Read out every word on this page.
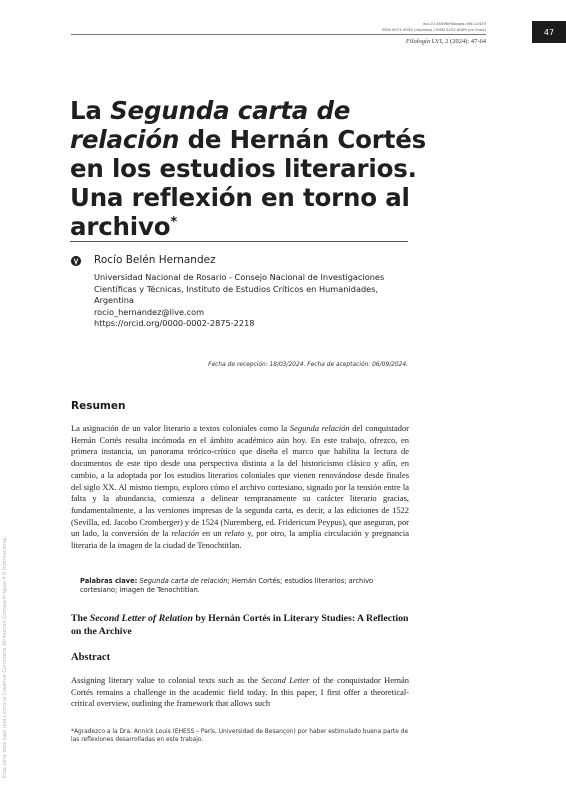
doi.10.34096/filologia.n56.14433
ISSN 0071-495X (impresa) / ISSN 2422-6009 (en línea)
Filología LVI, 2 (2024): 47-64
47
Esta obra está bajo una Licencia Creative Commons Atribución-CompartirIgual 4.0 Internacional.
La Segunda carta de relación de Hernán Cortés en los estudios literarios. Una reflexión en torno al archivo*
Rocío Belén Hernandez
Universidad Nacional de Rosario - Consejo Nacional de Investigaciones
Científicas y Técnicas, Instituto de Estudios Críticos en Humanidades,
Argentina
rocio_hernandez@live.com
https://orcid.org/0000-0002-2875-2218
Fecha de recepción: 18/03/2024. Fecha de aceptación: 06/09/2024.
Resumen

La asignación de un valor literario a textos coloniales como la Segunda relación del conquistador Hernán Cortés resulta incómoda en el ámbito académico aún hoy. En este trabajo, ofrezco, en primera instancia, un panorama teórico-crítico que diseña el marco que habilita la lectura de documentos de este tipo desde una perspectiva distinta a la del historicismo clásico y afín, en cambio, a la adoptada por los estudios literarios coloniales que vienen renovándose desde finales del siglo XX. Al mismo tiempo, exploro cómo el archivo cortesiano, signado por la tensión entre la falta y la abundancia, comienza a delinear tempranamente su carácter literario gracias, fundamentalmente, a las versiones impresas de la segunda carta, es decir, a las ediciones de 1522 (Sevilla, ed. Jacobo Cromberger) y de 1524 (Nuremberg, ed. Fridericum Peypus), que aseguran, por un lado, la conversión de la relación en un relato y, por otro, la amplia circulación y pregnancia literaria de la imagen de la ciudad de Tenochtitlan.

Palabras clave: Segunda carta de relación; Hernán Cortés; estudios literarios; archivo cortesiano; imagen de Tenochtitlan.
The Second Letter of Relation by Hernán Cortés in Literary Studies: A Reflection on the Archive
Abstract

Assigning literary value to colonial texts such as the Second Letter of the conquistador Hernán Cortés remains a challenge in the academic field today. In this paper, I first offer a theoretical-critical overview, outlining the framework that allows such

*Agradezco a la Dra. Annick Louis (EHESS – París, Universidad de Besançon) por haber estimulado buena parte de las reflexiones desarrolladas en este trabajo.
